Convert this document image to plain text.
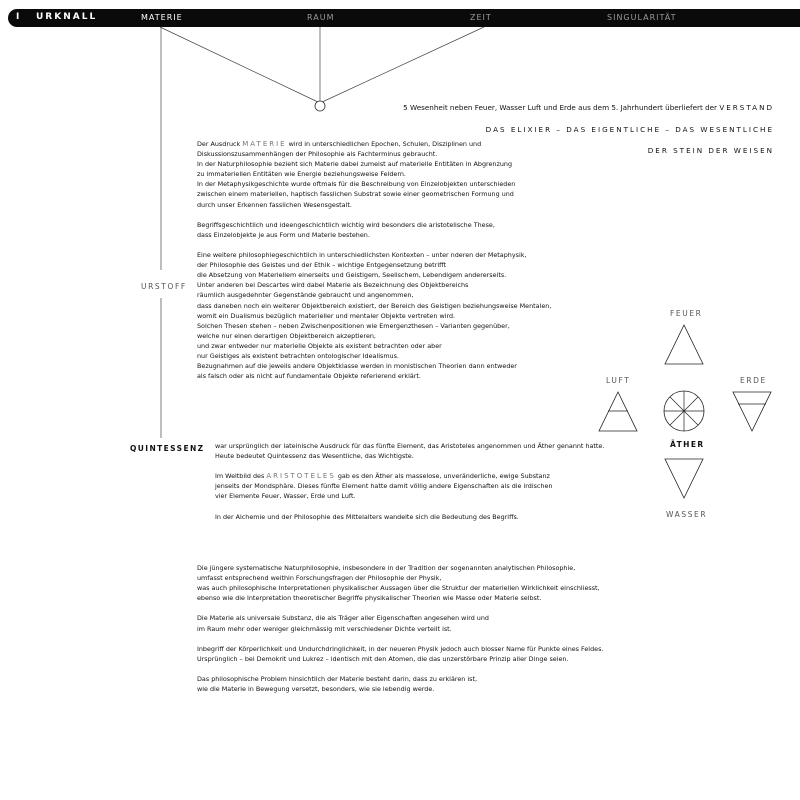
I URKNALL	MATERIE	RAUM	ZEIT	SINGULARITÄT
5 Wesenheit neben Feuer, Wasser Luft und Erde aus dem 5. Jahrhundert überliefert der VERSTAND
DAS ELIXIER – DAS EIGENTLICHE – DAS WESENTLICHE
DER STEIN DER WEISEN
URSTOFF
QUINTESSENZ
Der Ausdruck MATERIE wird in unterschiedlichen Epochen, Schulen, Disziplinen und
Diskussionszusammenhängen der Philosophie als Fachterminus gebraucht.
In der Naturphilosophie bezieht sich Materie dabei zumeist auf materielle Entitäten in Abgrenzung
zu immateriellen Entitäten wie Energie beziehungsweise Feldern.
In der Metaphysikgeschichte wurde oftmals für die Beschreibung von Einzelobjekten unterschieden
zwischen einem materiellen, haptisch fasslichen Substrat sowie einer geometrischen Formung und
durch unser Erkennen fasslichen Wesensgestalt.

Begriffsgeschichtlich und ideengeschichtlich wichtig wird besonders die aristotelische These,
dass Einzelobjekte je aus Form und Materie bestehen.

Eine weitere philosophiegeschichtlich in unterschiedlichsten Kontexten – unter nderen der Metaphysik,
der Philosophie des Geistes und der Ethik – wichtige Entgegensetzung betrifft
die Absetzung von Materiellem einerseits und Geistigem, Seelischem, Lebendigem andererseits.
Unter anderen bei Descartes wird dabei Materie als Bezeichnung des Objektbereichs
räumlich ausgedehnter Gegenstände gebraucht und angenommen,
dass daneben noch ein weiterer Objektbereich existiert, der Bereich des Geistigen beziehungsweise Mentalen,
womit ein Dualismus bezüglich materieller und mentaler Objekte vertreten wird.
Solchen Thesen stehen – neben Zwischenpositionen wie Emergenzthesen – Varianten gegenüber,
welche nur einen derartigen Objektbereich akzeptieren,
und zwar entweder nur materielle Objekte als existent betrachten oder aber
nur Geistiges als existent betrachten ontologischer Idealismus.
Bezugnahmen auf die jeweils andere Objektklasse werden in monistischen Theorien dann entweder
als falsch oder als nicht auf fundamentale Objekte referierend erklärt.
war ursprünglich der lateinische Ausdruck für das fünfte Element, das Aristoteles angenommen und Äther genannt hatte.
Heute bedeutet Quintessenz das Wesentliche, das Wichtigste.

Im Weltbild des ARISTOTELES gab es den Äther als masselose, unveränderliche, ewige Substanz
jenseits der Mondsphäre. Dieses fünfte Element hatte damit völlig andere Eigenschaften als die irdischen
vier Elemente Feuer, Wasser, Erde und Luft.

In der Alchemie und der Philosophie des Mittelalters wandelte sich die Bedeutung des Begriffs.
Die jüngere systematische Naturphilosophie, insbesondere in der Tradition der sogenannten analytischen Philosophie,
umfasst entsprechend weithin Forschungsfragen der Philosophie der Physik,
was auch philosophische Interpretationen physikalischer Aussagen über die Struktur der materiellen Wirklichkeit einschliesst,
ebenso wie die Interpretation theoretischer Begriffe physikalischer Theorien wie Masse oder Materie selbst.

Die Materie als universale Substanz, die als Träger aller Eigenschaften angesehen wird und
im Raum mehr oder weniger gleichmässig mit verschiedener Dichte verteilt ist.

Inbegriff der Körperlichkeit und Undurchdringlichkeit, in der neueren Physik jedoch auch blosser Name für Punkte eines Feldes.
Ursprünglich – bei Demokrit und Lukrez – identisch mit den Atomen, die das unzerstörbare Prinzip aller Dinge seien.

Das philosophische Problem hinsichtlich der Materie besteht darin, dass zu erklären ist,
wie die Materie in Bewegung versetzt, besonders, wie sie lebendig werde.
FEUER
LUFT	ERDE
ÄTHER
WASSER
